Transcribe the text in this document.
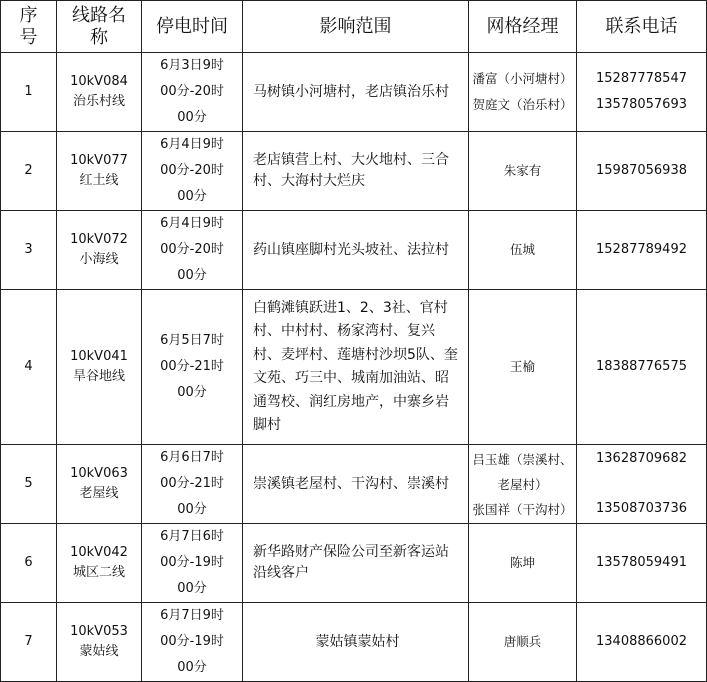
序
号	线路名
称	停电时间	影响范围	网格经理	联系电话

1	10kV084
治乐村线	6月3日9时
00分-20时
00分	马树镇小河塘村，老店镇治乐村	潘富（小河塘村）
贺庭文（治乐村）	15287778547
13578057693

2	10kV077
红土线	6月4日9时
00分-20时
00分	老店镇营上村、大火地村、三合村、大海村大烂庆	朱家有	15987056938

3	10kV072
小海线	6月4日9时
00分-20时
00分	药山镇座脚村光头坡社、法拉村	伍城	15287789492

4	10kV041
旱谷地线	6月5日7时
00分-21时
00分	白鹤滩镇跃进1、2、3社、官村村、中村村、杨家湾村、复兴村、麦坪村、莲塘村沙坝5队、奎文苑、巧三中、城南加油站、昭通驾校、润红房地产，中寨乡岩脚村	王榆	18388776575

5	10kV063
老屋线	6月6日7时
00分-21时
00分	崇溪镇老屋村、干沟村、崇溪村	吕玉雄（崇溪村、
老屋村）
张国祥（干沟村）	13628709682
13508703736

6	10kV042
城区二线	6月7日6时
00分-19时
00分	新华路财产保险公司至新客运站沿线客户	陈坤	13578059491

7	10kV053
蒙姑线	6月7日9时
00分-19时
00分	蒙姑镇蒙姑村	唐顺兵	13408866002
